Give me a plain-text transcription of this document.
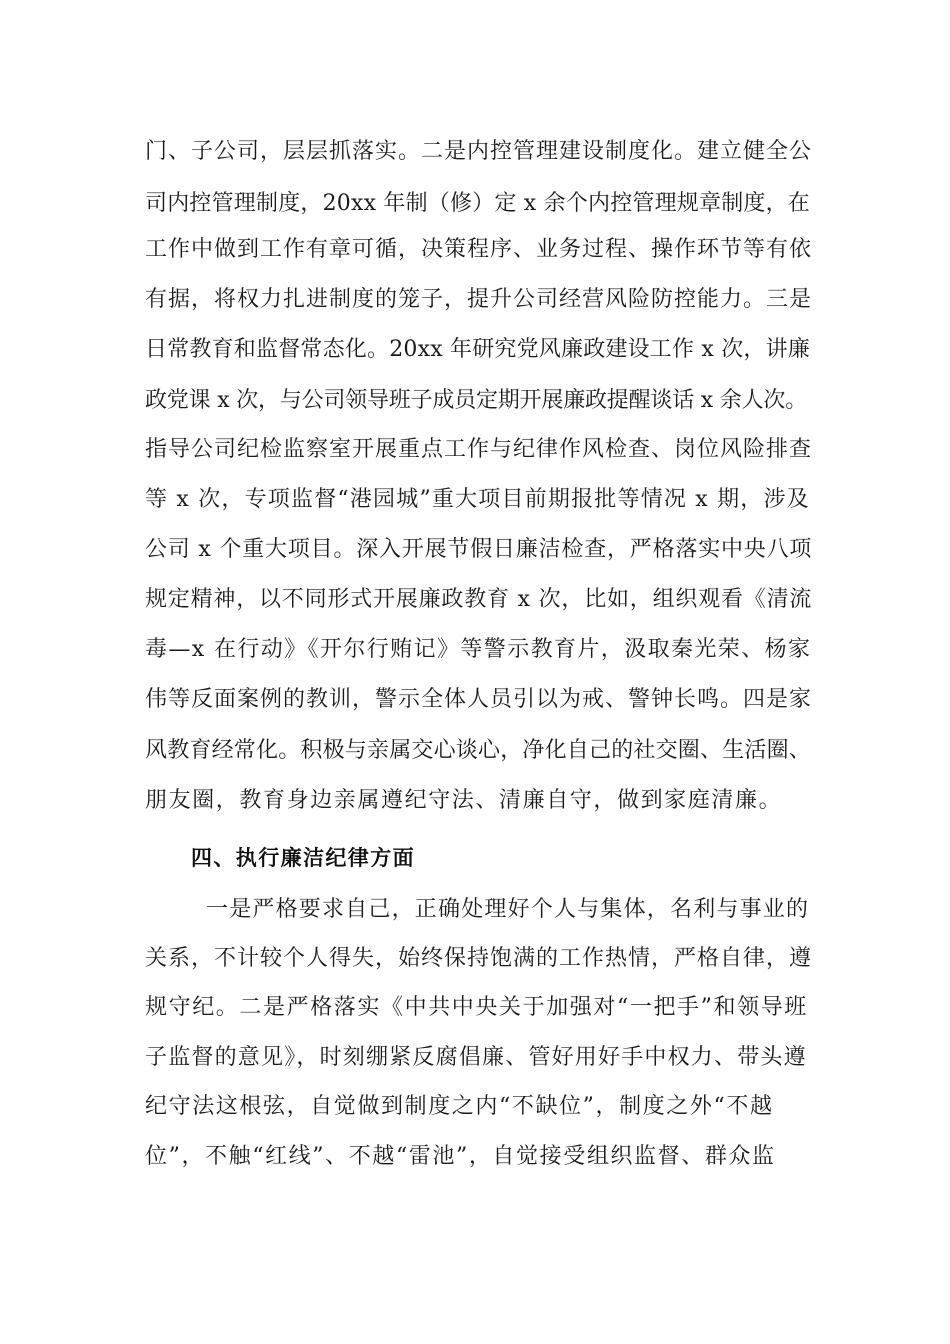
门、子公司，层层抓落实。二是内控管理建设制度化。建立健全公
司内控管理制度，20xx 年制（修）定 x 余个内控管理规章制度，在
工作中做到工作有章可循，决策程序、业务过程、操作环节等有依
有据，将权力扎进制度的笼子，提升公司经营风险防控能力。三是
日常教育和监督常态化。20xx 年研究党风廉政建设工作 x 次，讲廉
政党课 x 次，与公司领导班子成员定期开展廉政提醒谈话 x 余人次。
指导公司纪检监察室开展重点工作与纪律作风检查、岗位风险排查
等 x 次，专项监督“港园城”重大项目前期报批等情况 x 期，涉及
公司 x 个重大项目。深入开展节假日廉洁检查，严格落实中央八项
规定精神，以不同形式开展廉政教育 x 次，比如，组织观看《清流
毒—x 在行动》《开尔行贿记》等警示教育片，汲取秦光荣、杨家
伟等反面案例的教训，警示全体人员引以为戒、警钟长鸣。四是家
风教育经常化。积极与亲属交心谈心，净化自己的社交圈、生活圈、
朋友圈，教育身边亲属遵纪守法、清廉自守，做到家庭清廉。
四、执行廉洁纪律方面
一是严格要求自己，正确处理好个人与集体，名利与事业的
关系，不计较个人得失，始终保持饱满的工作热情，严格自律，遵
规守纪。二是严格落实《中共中央关于加强对“一把手”和领导班
子监督的意见》，时刻绷紧反腐倡廉、管好用好手中权力、带头遵
纪守法这根弦，自觉做到制度之内“不缺位”，制度之外“不越
位”，不触“红线”、不越“雷池”，自觉接受组织监督、群众监
